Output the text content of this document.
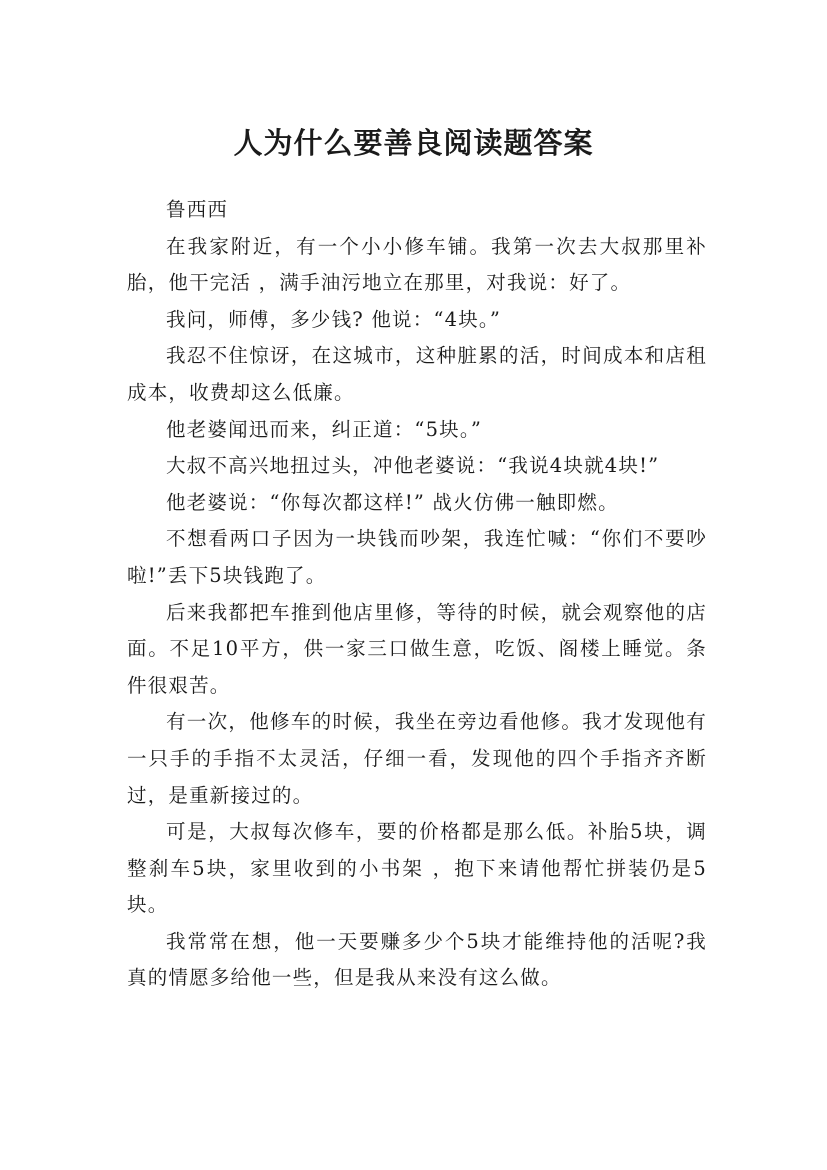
人为什么要善良阅读题答案

鲁西西

在我家附近，有一个小小修车铺。我第一次去大叔那里补胎，他干完活 ，满手油污地立在那里，对我说：好了。

我问，师傅，多少钱? 他说：“4块。”

我忍不住惊讶，在这城市，这种脏累的活，时间成本和店租成本，收费却这么低廉。

他老婆闻迅而来，纠正道：“5块。”

大叔不高兴地扭过头，冲他老婆说：“我说4块就4块!”

他老婆说：“你每次都这样!” 战火仿佛一触即燃。

不想看两口子因为一块钱而吵架，我连忙喊：“你们不要吵啦!”丢下5块钱跑了。

后来我都把车推到他店里修，等待的时候，就会观察他的店面。不足10平方，供一家三口做生意，吃饭、阁楼上睡觉。条件很艰苦。

有一次，他修车的时候，我坐在旁边看他修。我才发现他有一只手的手指不太灵活，仔细一看，发现他的四个手指齐齐断过，是重新接过的。

可是，大叔每次修车，要的价格都是那么低。补胎5块，调整刹车5块，家里收到的小书架 ，抱下来请他帮忙拼装仍是5块。

我常常在想，他一天要赚多少个5块才能维持他的活呢?我真的情愿多给他一些，但是我从来没有这么做。
